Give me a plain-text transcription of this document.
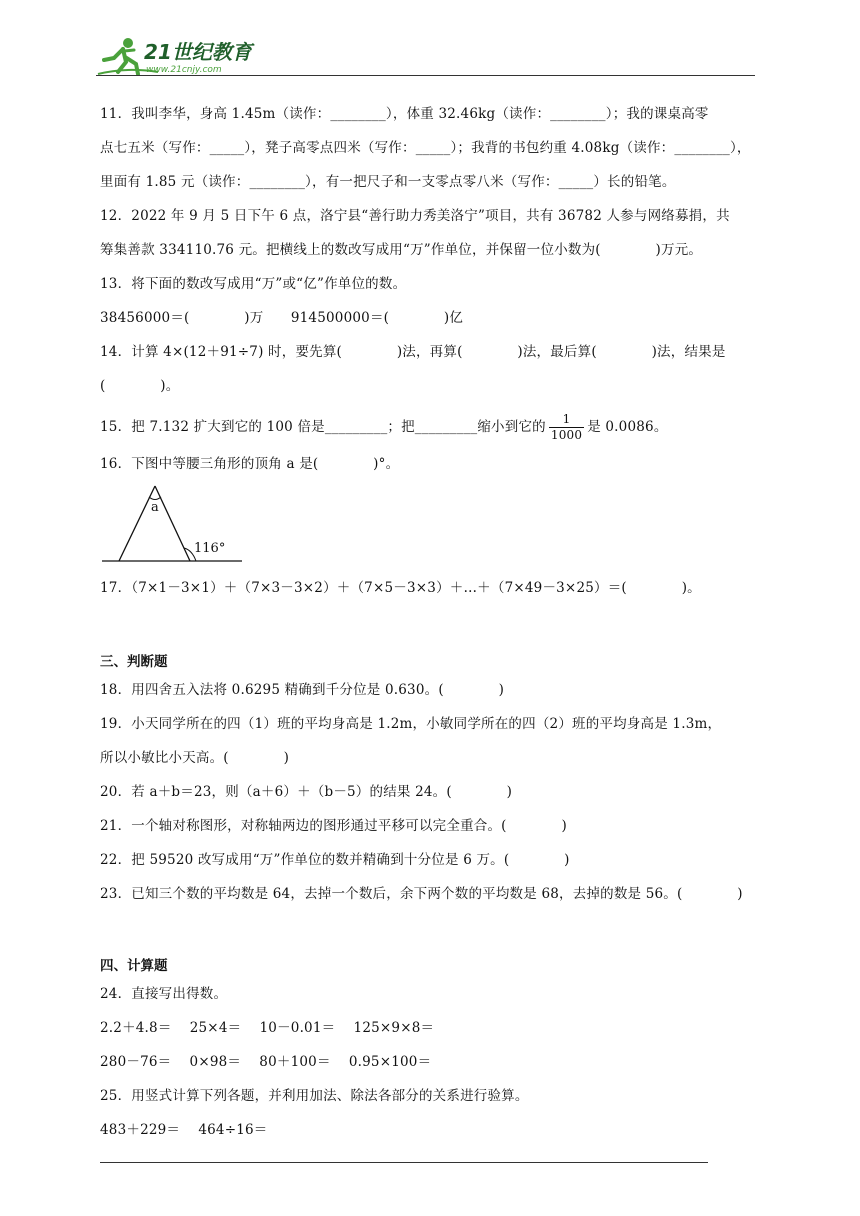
21世纪教育
www.21cnjy.com
11．我叫李华，身高 1.45m（读作：________），体重 32.46kg（读作：________）；我的课桌高零
点七五米（写作：_____），凳子高零点四米（写作：_____）；我背的书包约重 4.08kg（读作：________），
里面有 1.85 元（读作：________），有一把尺子和一支零点零八米（写作：_____）长的铅笔。
12．2022 年 9 月 5 日下午 6 点，洛宁县“善行助力秀美洛宁”项目，共有 36782 人参与网络募捐，共
筹集善款 334110.76 元。把横线上的数改写成用“万”作单位，并保留一位小数为(　　　　)万元。
13．将下面的数改写成用“万”或“亿”作单位的数。
38456000＝(　　　　)万　　914500000＝(　　　　)亿
14．计算 4×(12＋91÷7) 时，要先算(　　　　)法，再算(　　　　)法，最后算(　　　　)法，结果是
(　　　　)。
15．把 7.132 扩大到它的 100 倍是_________；把_________缩小到它的 $\frac{1}{1000}$ 是 0.0086。
16．下图中等腰三角形的顶角 a 是(　　　　)°。
a
116°
17．（7×1－3×1）＋（7×3－3×2）＋（7×5－3×3）＋…＋（7×49－3×25）＝(　　　　)。
三、判断题
18．用四舍五入法将 0.6295 精确到千分位是 0.630。(　　　　)
19．小天同学所在的四（1）班的平均身高是 1.2m，小敏同学所在的四（2）班的平均身高是 1.3m，
所以小敏比小天高。(　　　　)
20．若 a＋b＝23，则（a＋6）＋（b－5）的结果 24。(　　　　)
21．一个轴对称图形，对称轴两边的图形通过平移可以完全重合。(　　　　)
22．把 59520 改写成用“万”作单位的数并精确到十分位是 6 万。(　　　　)
23．已知三个数的平均数是 64，去掉一个数后，余下两个数的平均数是 68，去掉的数是 56。(　　　　)
四、计算题
24．直接写出得数。
2.2＋4.8＝　 25×4＝　 10－0.01＝　 125×9×8＝
280－76＝　 0×98＝　 80＋100＝　 0.95×100＝
25．用竖式计算下列各题，并利用加法、除法各部分的关系进行验算。
483＋229＝　 464÷16＝
